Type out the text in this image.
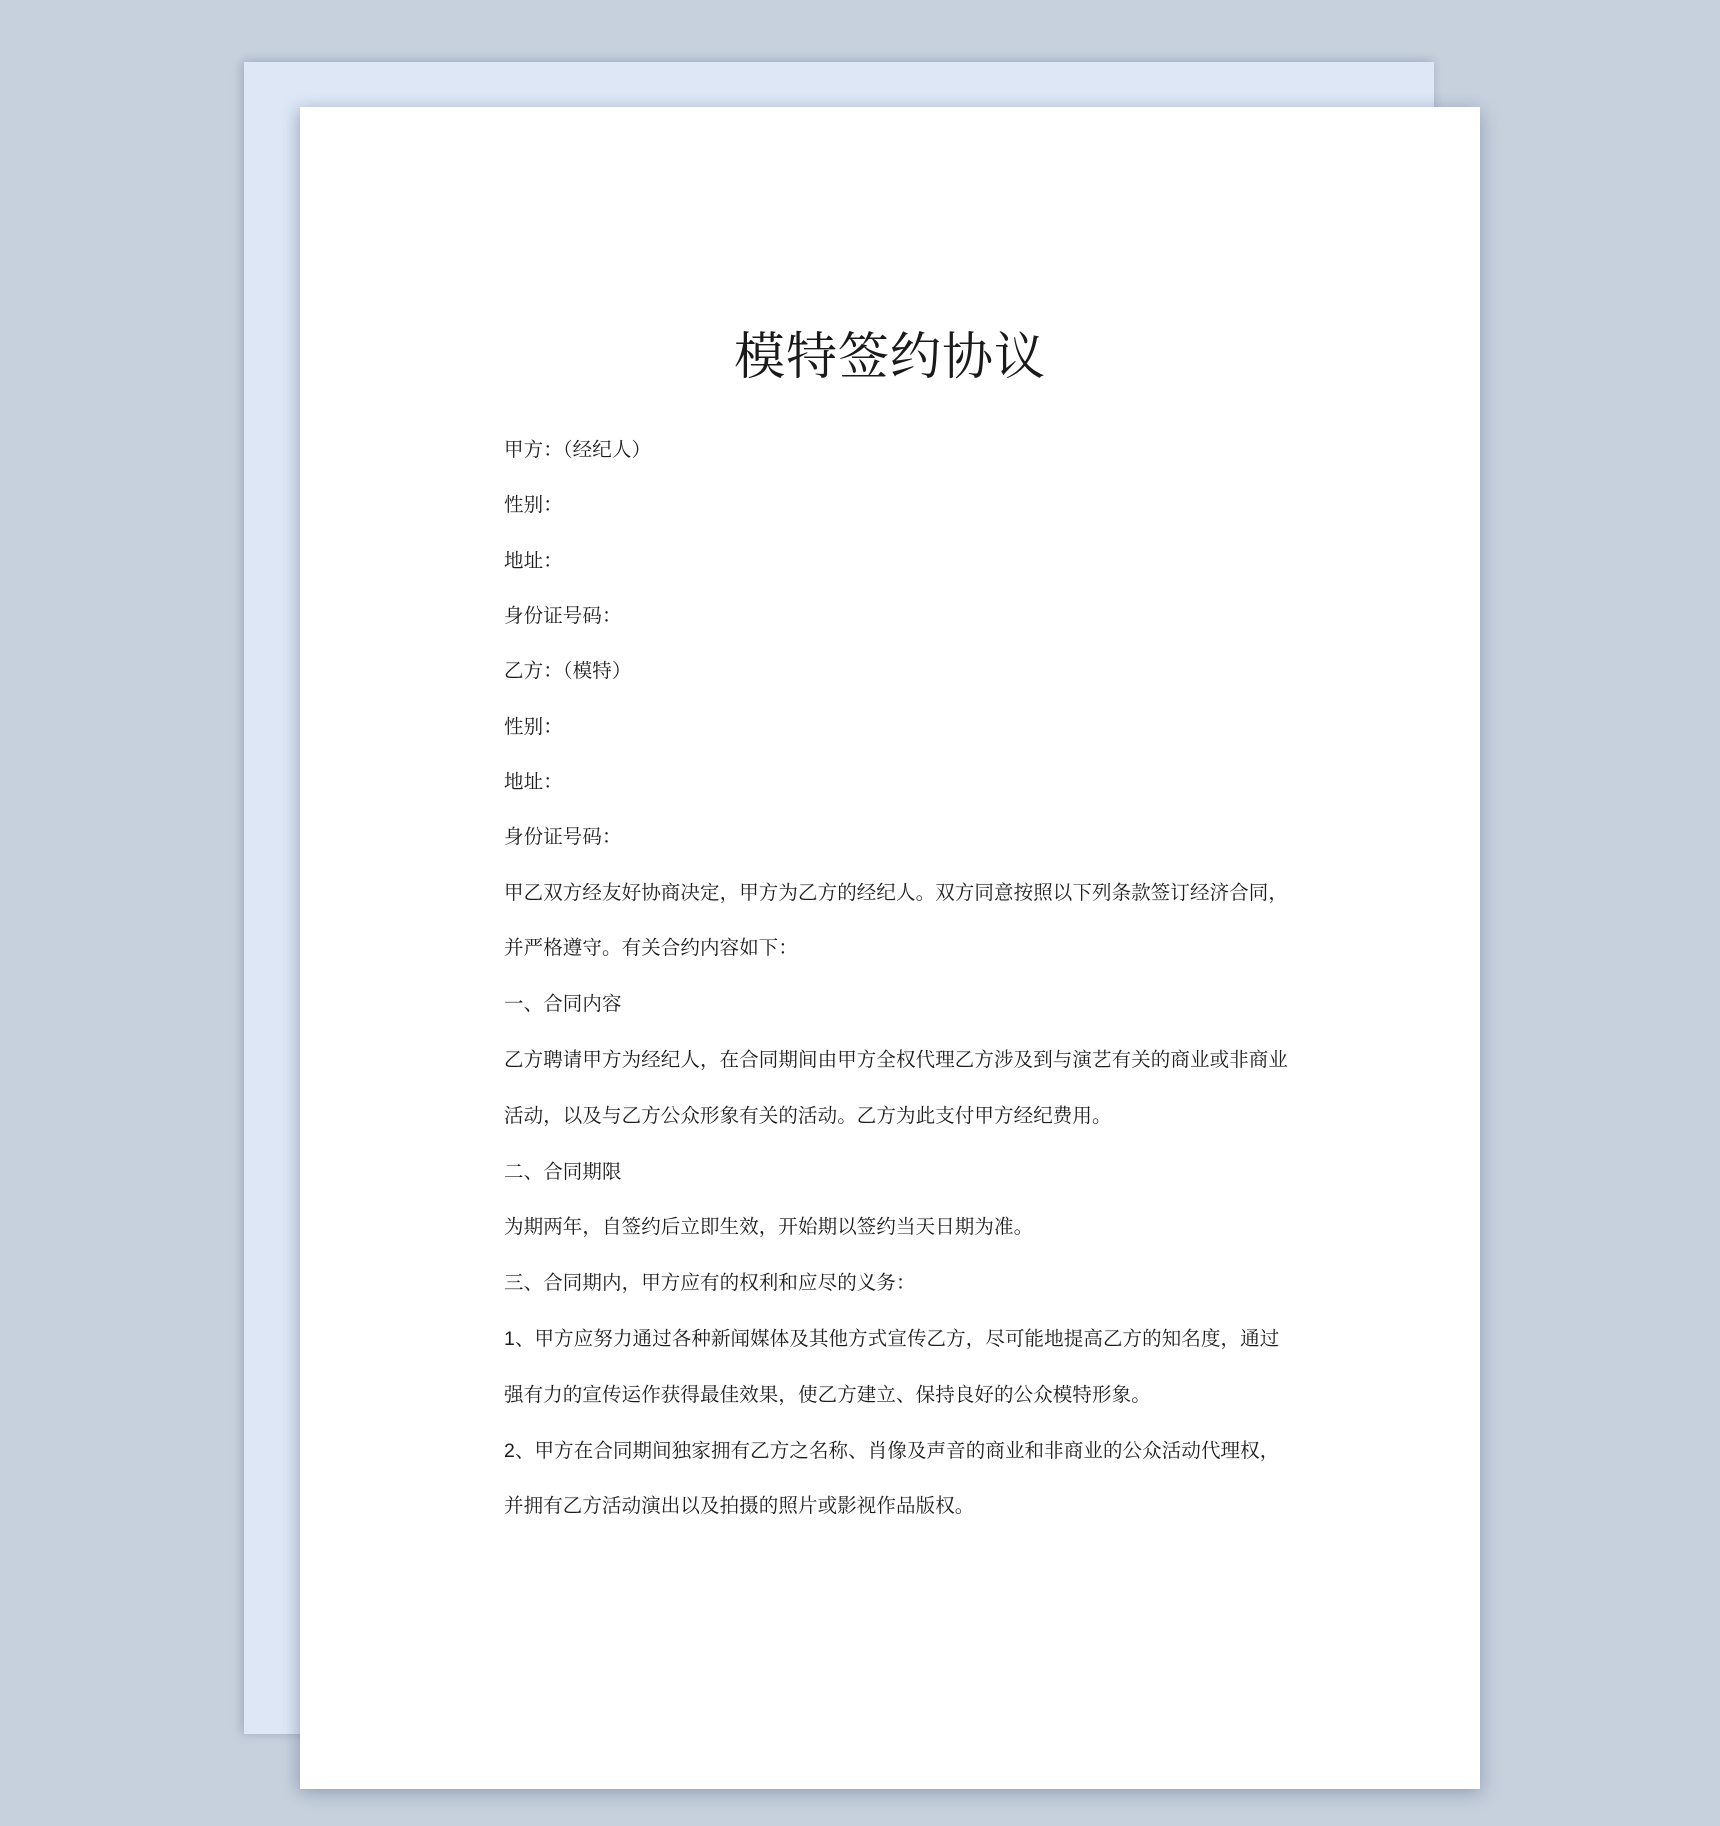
模特签约协议

甲方：（经纪人）

性别：

地址：

身份证号码：

乙方：（模特）

性别：

地址：

身份证号码：

甲乙双方经友好协商决定，甲方为乙方的经纪人。双方同意按照以下列条款签订经济合同，

并严格遵守。有关合约内容如下：

一、合同内容

乙方聘请甲方为经纪人，在合同期间由甲方全权代理乙方涉及到与演艺有关的商业或非商业

活动，以及与乙方公众形象有关的活动。乙方为此支付甲方经纪费用。

二、合同期限

为期两年，自签约后立即生效，开始期以签约当天日期为准。

三、合同期内，甲方应有的权利和应尽的义务：

1、甲方应努力通过各种新闻媒体及其他方式宣传乙方，尽可能地提高乙方的知名度，通过

强有力的宣传运作获得最佳效果，使乙方建立、保持良好的公众模特形象。

2、甲方在合同期间独家拥有乙方之名称、肖像及声音的商业和非商业的公众活动代理权，

并拥有乙方活动演出以及拍摄的照片或影视作品版权。
